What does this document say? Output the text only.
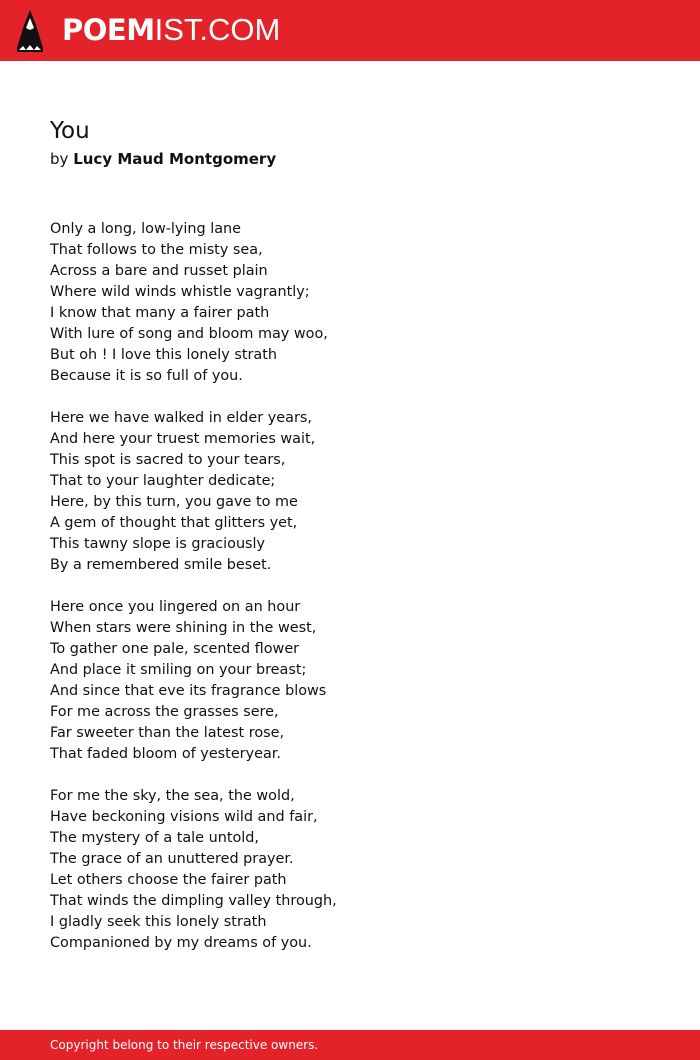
POEMIST.COM
You
by Lucy Maud Montgomery
Only a long, low-lying lane
That follows to the misty sea,
Across a bare and russet plain
Where wild winds whistle vagrantly;
I know that many a fairer path
With lure of song and bloom may woo,
But oh ! I love this lonely strath
Because it is so full of you.
Here we have walked in elder years,
And here your truest memories wait,
This spot is sacred to your tears,
That to your laughter dedicate;
Here, by this turn, you gave to me
A gem of thought that glitters yet,
This tawny slope is graciously
By a remembered smile beset.
Here once you lingered on an hour
When stars were shining in the west,
To gather one pale, scented flower
And place it smiling on your breast;
And since that eve its fragrance blows
For me across the grasses sere,
Far sweeter than the latest rose,
That faded bloom of yesteryear.
For me the sky, the sea, the wold,
Have beckoning visions wild and fair,
The mystery of a tale untold,
The grace of an unuttered prayer.
Let others choose the fairer path
That winds the dimpling valley through,
I gladly seek this lonely strath
Companioned by my dreams of you.
Copyright belong to their respective owners.
